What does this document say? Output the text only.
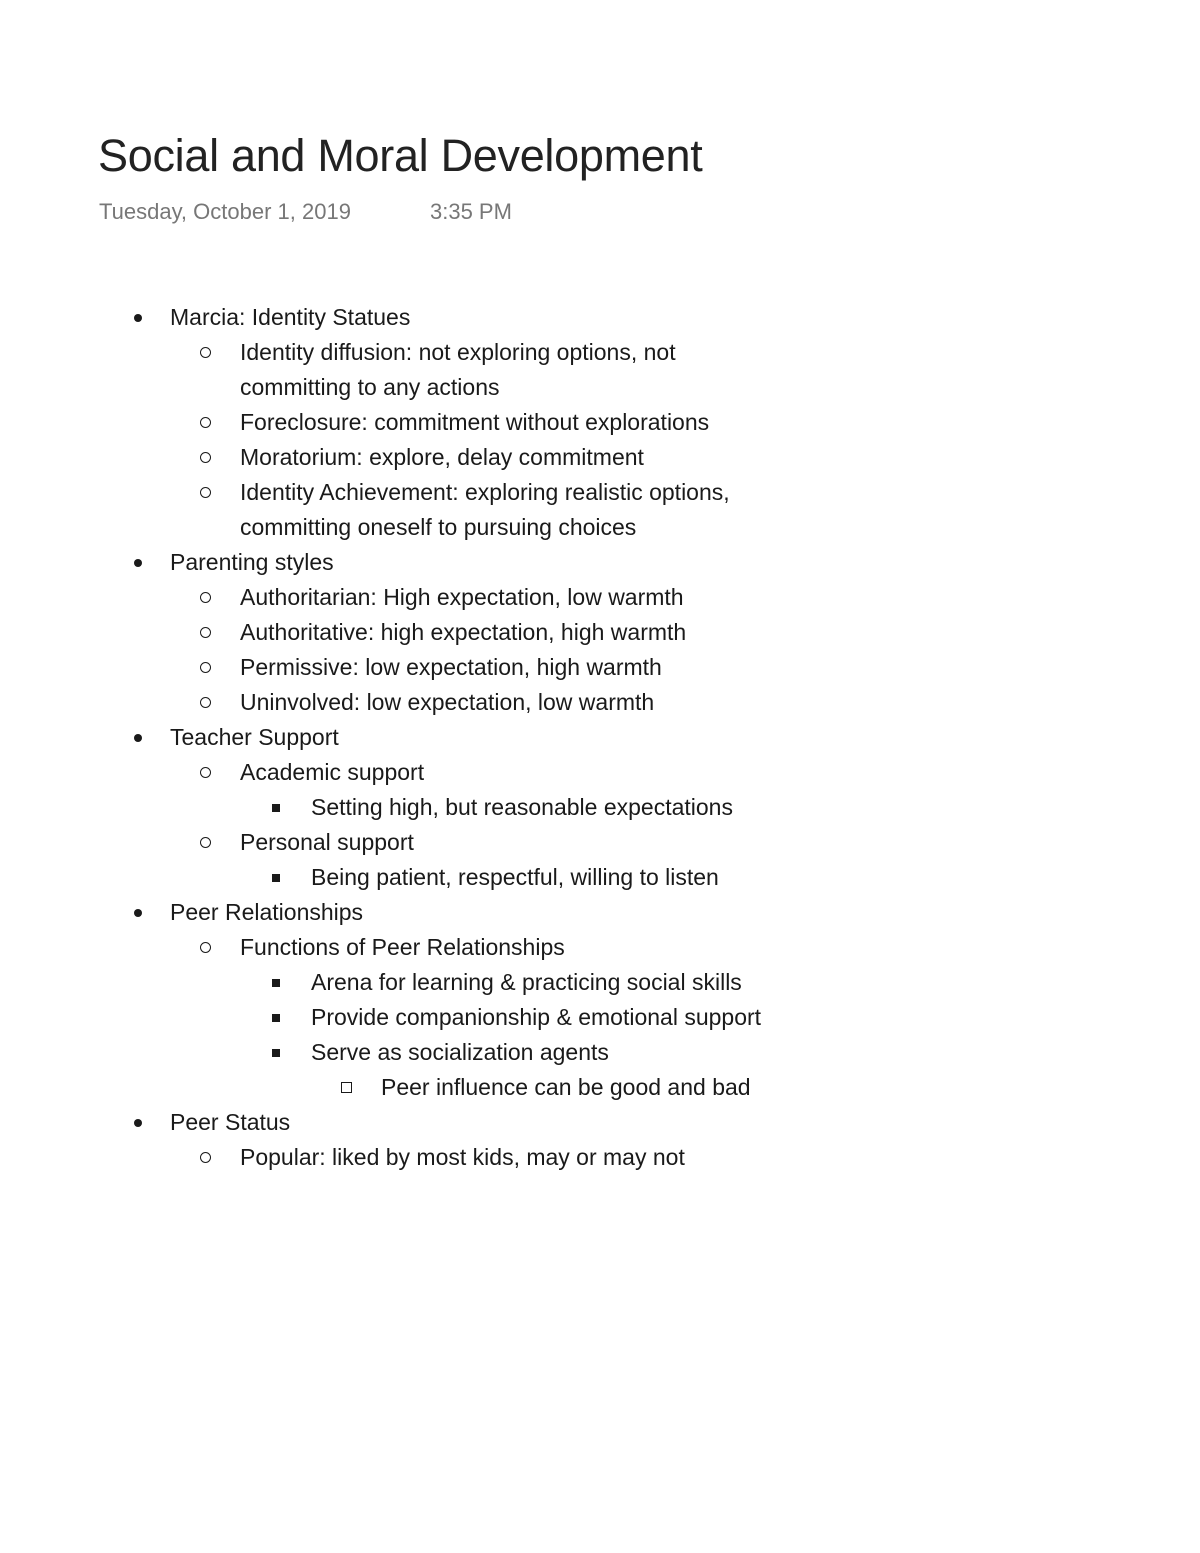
Social and Moral Development
Tuesday, October 1, 2019	3:35 PM
Marcia: Identity Statues
Identity diffusion: not exploring options, not committing to any actions
Foreclosure: commitment without explorations
Moratorium: explore, delay commitment
Identity Achievement: exploring realistic options, committing oneself to pursuing choices
Parenting styles
Authoritarian: High expectation, low warmth
Authoritative: high expectation, high warmth
Permissive: low expectation, high warmth
Uninvolved: low expectation, low warmth
Teacher Support
Academic support
Setting high, but reasonable expectations
Personal support
Being patient, respectful, willing to listen
Peer Relationships
Functions of Peer Relationships
Arena for learning & practicing social skills
Provide companionship & emotional support
Serve as socialization agents
Peer influence can be good and bad
Peer Status
Popular: liked by most kids, may or may not
